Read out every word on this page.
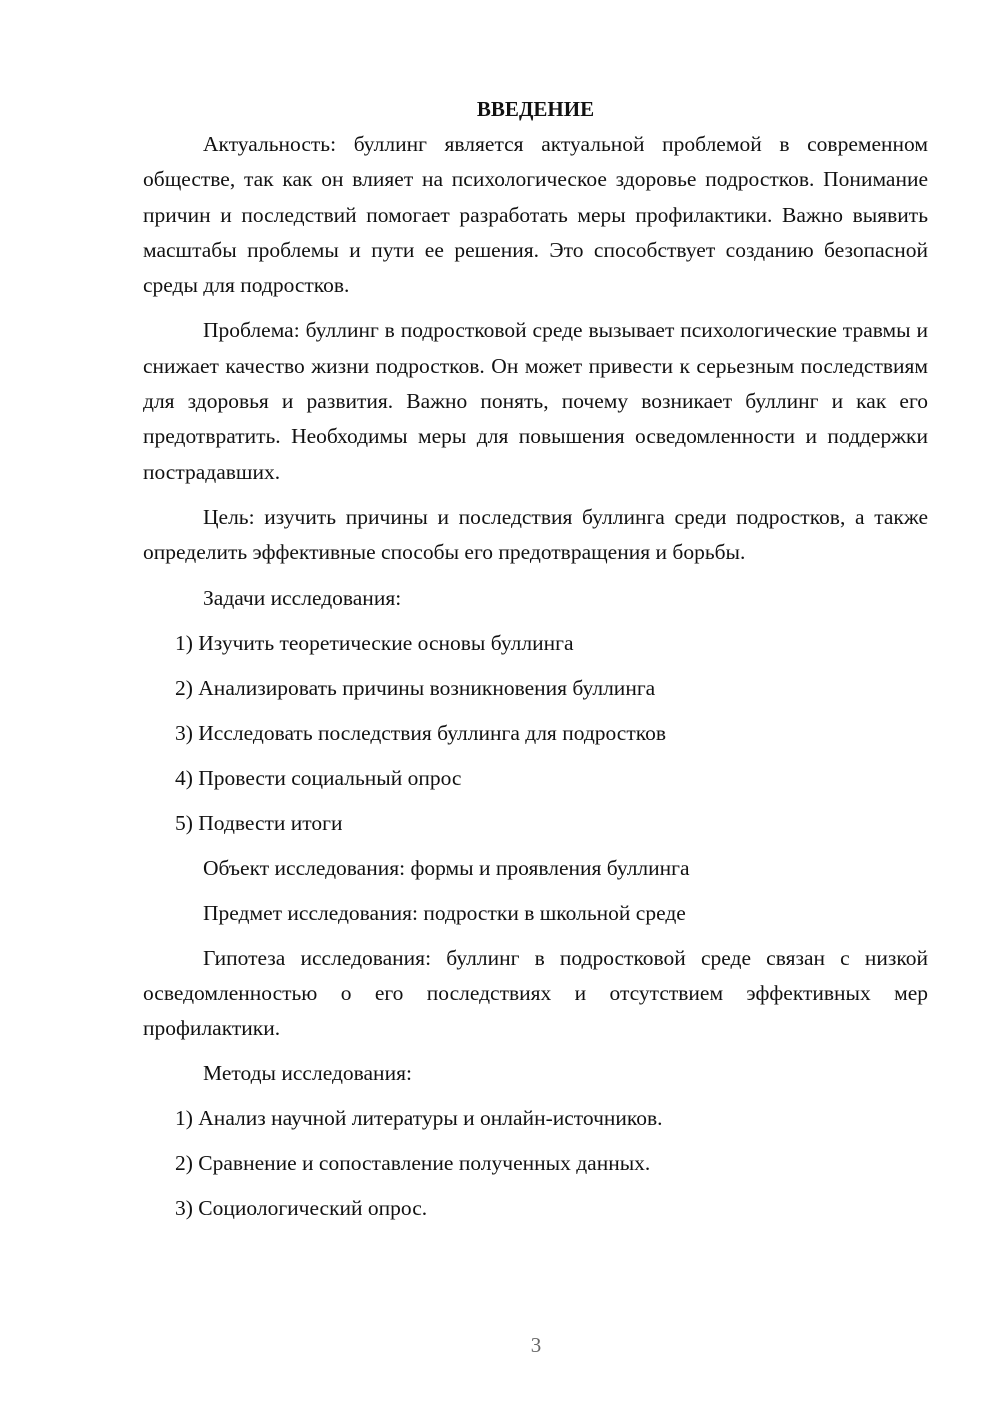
ВВЕДЕНИЕ

Актуальность: буллинг является актуальной проблемой в современном обществе, так как он влияет на психологическое здоровье подростков. Понимание причин и последствий помогает разработать меры профилактики. Важно выявить масштабы проблемы и пути ее решения. Это способствует созданию безопасной среды для подростков.

Проблема: буллинг в подростковой среде вызывает психологические травмы и снижает качество жизни подростков. Он может привести к серьезным последствиям для здоровья и развития. Важно понять, почему возникает буллинг и как его предотвратить. Необходимы меры для повышения осведомленности и поддержки пострадавших.

Цель: изучить причины и последствия буллинга среди подростков, а также определить эффективные способы его предотвращения и борьбы.

Задачи исследования:

1) Изучить теоретические основы буллинга

2) Анализировать причины возникновения буллинга

3) Исследовать последствия буллинга для подростков

4) Провести социальный опрос

5) Подвести итоги

Объект исследования: формы и проявления буллинга

Предмет исследования: подростки в школьной среде

Гипотеза исследования: буллинг в подростковой среде связан с низкой осведомленностью о его последствиях и отсутствием эффективных мер профилактики.

Методы исследования:

1) Анализ научной литературы и онлайн-источников.

2) Сравнение и сопоставление полученных данных.

3) Социологический опрос.

3
